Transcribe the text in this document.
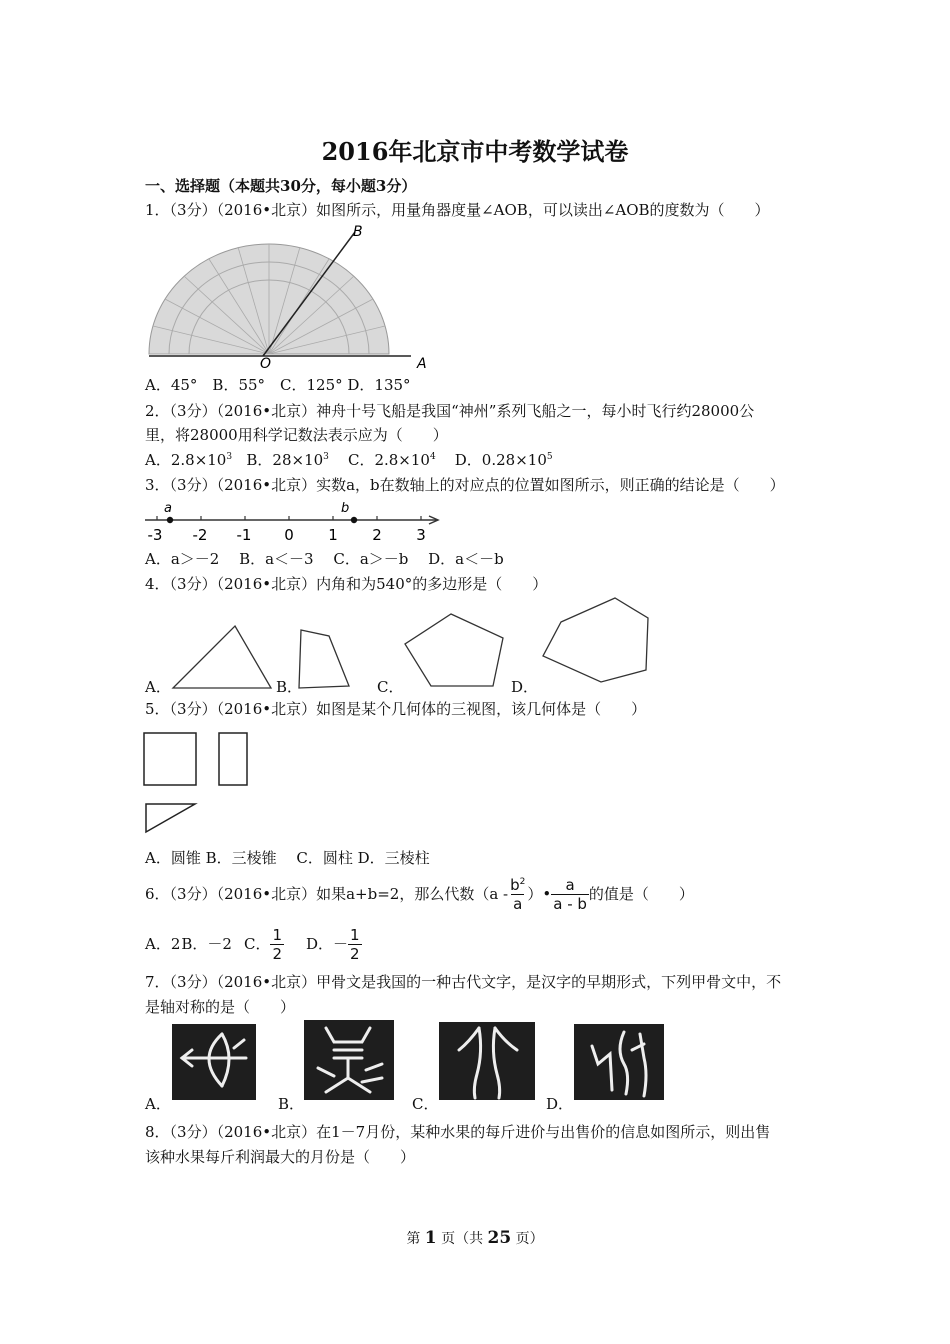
2016年北京市中考数学试卷
一、选择题（本题共30分，每小题3分）
1．（3分）（2016•北京）如图所示，用量角器度量∠AOB，可以读出∠AOB的度数为（　　）
B
O	A
A．45°　B．55°　C．125° D．135°
2．（3分）（2016•北京）神舟十号飞船是我国“神州”系列飞船之一，每小时飞行约28000公
里，将28000用科学记数法表示应为（　　）
A．$2.8\times 10^3$ B．$28\times 10^3$ C．$2.8\times 10^4$ D．$0.28\times 10^5$
3．（3分）（2016•北京）实数a，b在数轴上的对应点的位置如图所示，则正确的结论是（　　）
a	b
-3 -2 -1 0 1 2 3
A．a＞－2　 B．a＜－3　 C．a＞－b　 D．a＜－b
4．（3分）（2016•北京）内角和为540°的多边形是（　　）
A．	B．	C．	D．
5．（3分）（2016•北京）如图是某个几何体的三视图，该几何体是（　　）
A．圆锥 B．三棱锥　 C．圆柱 D．三棱柱
6．（3分）（2016•北京）如果a+b=2，那么代数（$a - \frac{b^2}{a}$ ）• $\frac{a}{a - b}$ 的值是（　　）
A．2 B．－2 C． $\frac{1}{2}$ D．－ $\frac{1}{2}$
7．（3分）（2016•北京）甲骨文是我国的一种古代文字，是汉字的早期形式，下列甲骨文中，不
是轴对称的是（　　）
A．	B．	C．	D．
8．（3分）（2016•北京）在1－7月份，某种水果的每斤进价与出售价的信息如图所示，则出售
该种水果每斤利润最大的月份是（　　）
第 1 页（共 25 页）
